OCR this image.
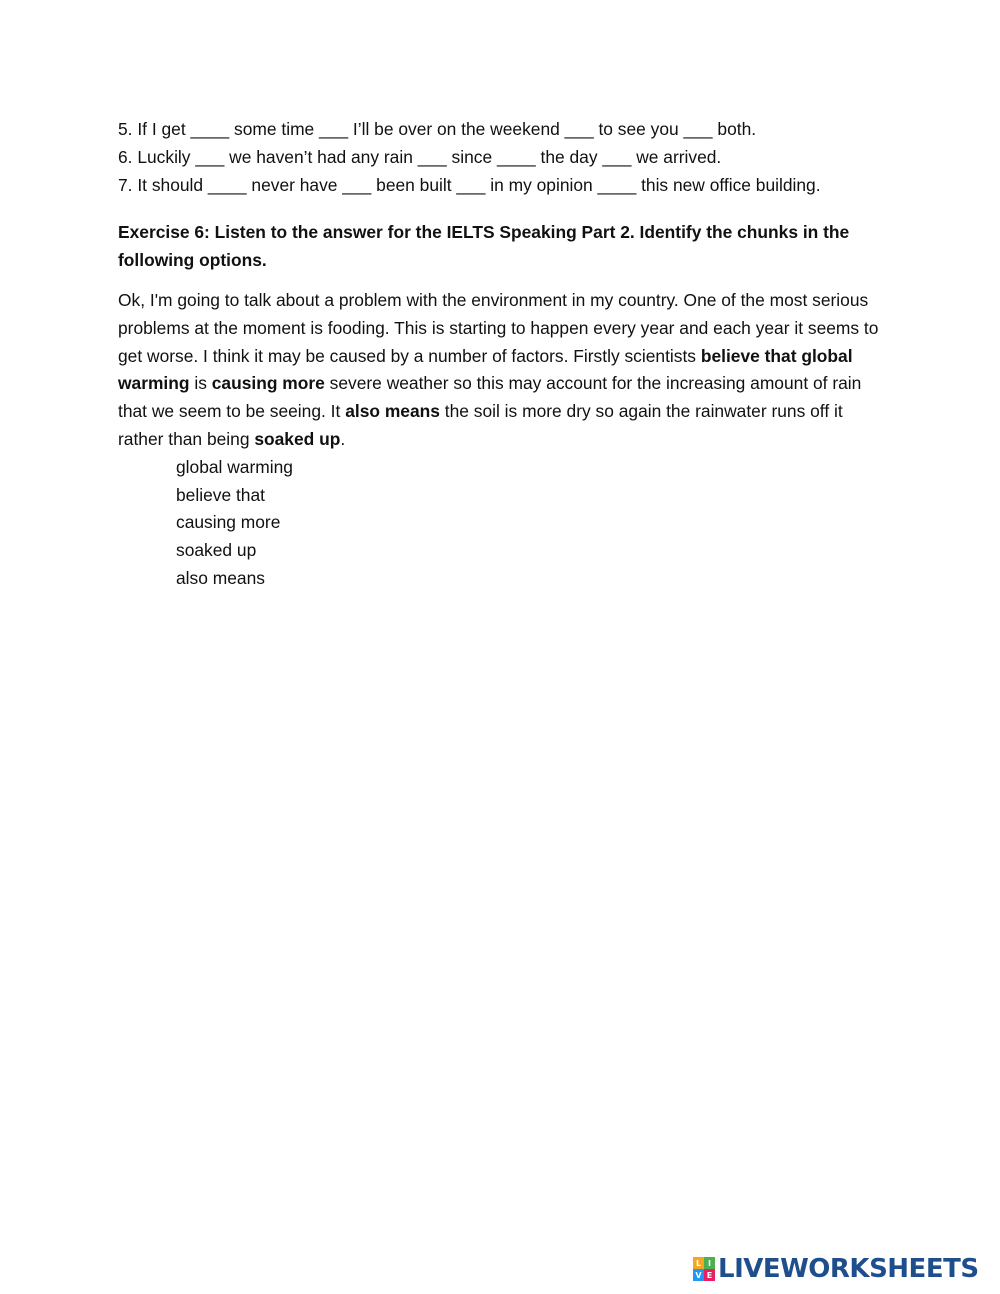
5. If I get ____ some time ___ I’ll be over on the weekend ___ to see you ___ both.
6. Luckily ___ we haven’t had any rain ___ since ____ the day ___ we arrived.
7. It should ____ never have ___ been built ___ in my opinion ____ this new office building.
Exercise 6: Listen to the answer for the IELTS Speaking Part 2. Identify the chunks in the following options.
Ok, I'm going to talk about a problem with the environment in my country. One of the most serious problems at the moment is fooding. This is starting to happen every year and each year it seems to get worse. I think it may be caused by a number of factors. Firstly scientists believe that global warming is causing more severe weather so this may account for the increasing amount of rain that we seem to be seeing. It also means the soil is more dry so again the rainwater runs off it rather than being soaked up.
global warming
believe that
causing more
soaked up
also means
L I
V E LIVEWORKSHEETS
